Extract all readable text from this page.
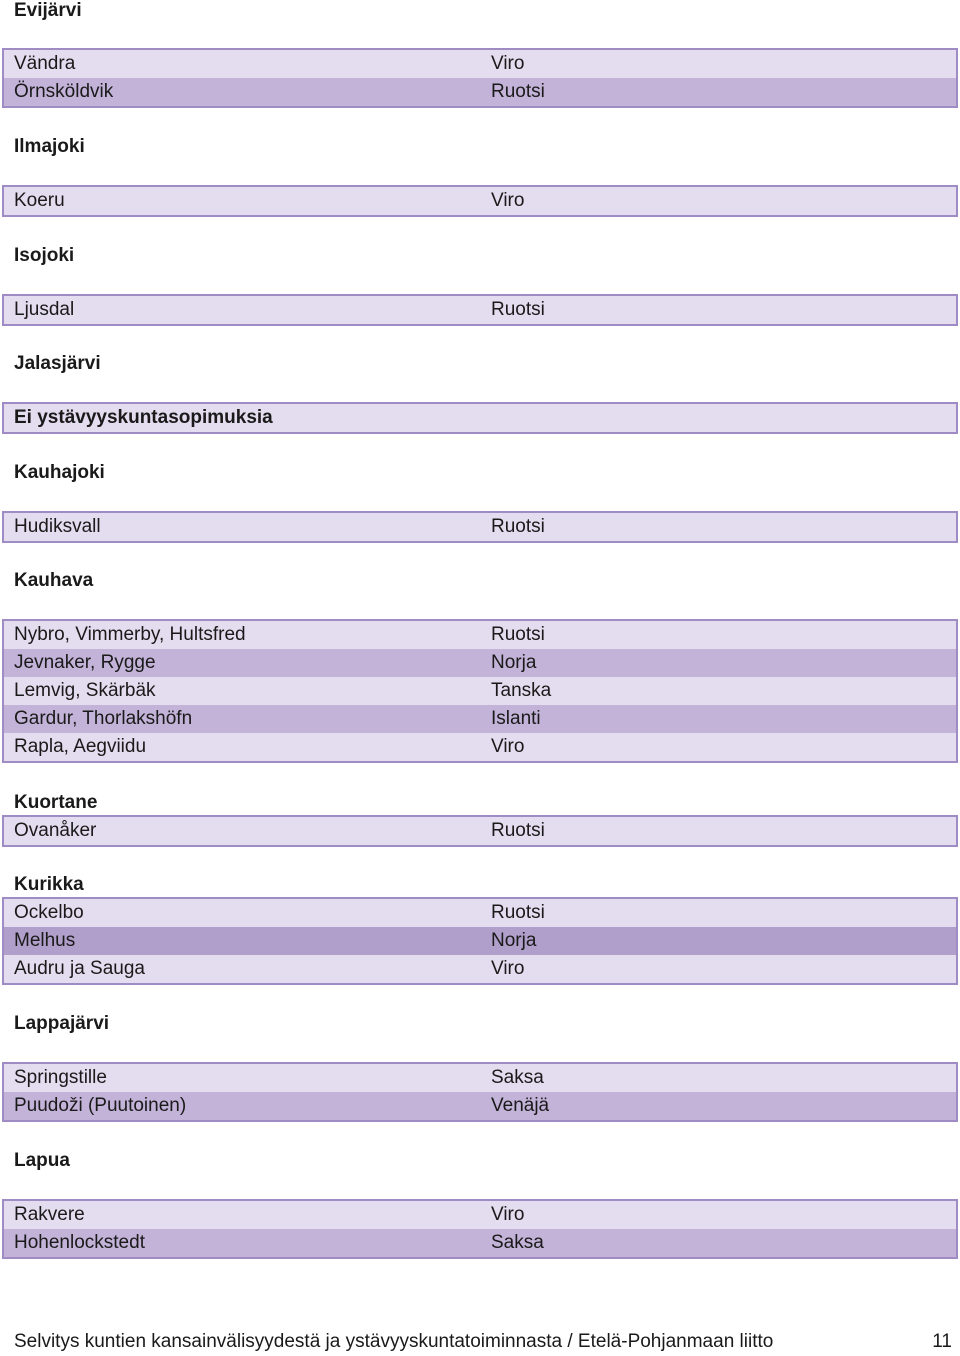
Evijärvi
Vändra	Viro
Örnsköldvik	Ruotsi
Ilmajoki
Koeru	Viro
Isojoki
Ljusdal	Ruotsi
Jalasjärvi
Ei ystävyyskuntasopimuksia
Kauhajoki
Hudiksvall	Ruotsi
Kauhava
Nybro, Vimmerby, Hultsfred	Ruotsi
Jevnaker, Rygge	Norja
Lemvig, Skärbäk	Tanska
Gardur, Thorlakshöfn	Islanti
Rapla, Aegviidu	Viro
Kuortane
Ovanåker	Ruotsi
Kurikka
Ockelbo	Ruotsi
Melhus	Norja
Audru ja Sauga	Viro
Lappajärvi
Springstille	Saksa
Puudoži (Puutoinen)	Venäjä
Lapua
Rakvere	Viro
Hohenlockstedt	Saksa
Selvitys kuntien kansainvälisyydestä ja ystävyyskuntatoiminnasta / Etelä-Pohjanmaan liitto	11
